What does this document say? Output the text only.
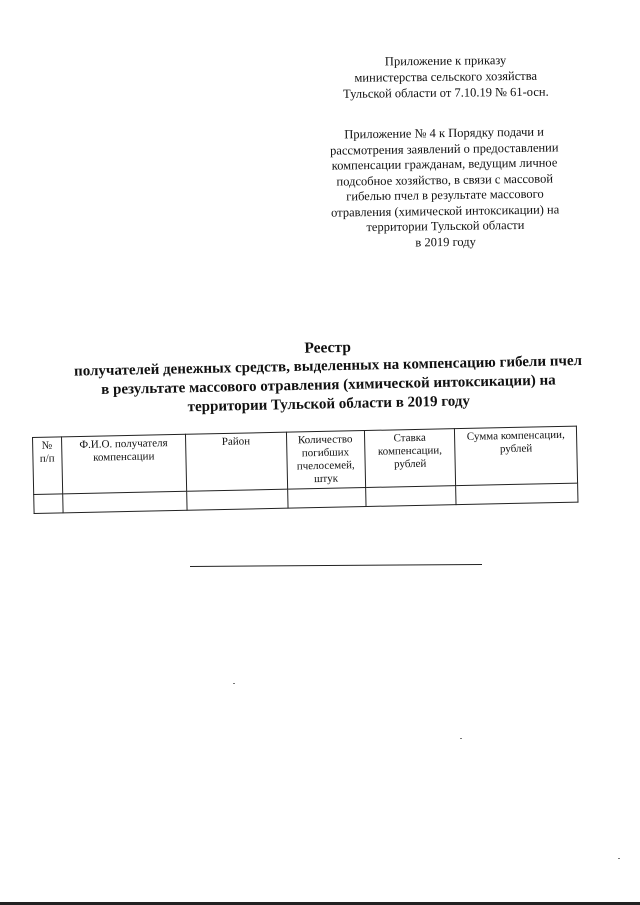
Приложение к приказу
министерства сельского хозяйства
Тульской области от 7.10.19 № 61-осн.
Приложение № 4 к Порядку подачи и
рассмотрения заявлений о предоставлении
компенсации гражданам, ведущим личное
подсобное хозяйство, в связи с массовой
гибелью пчел в результате массового
отравления (химической интоксикации) на
территории Тульской области
в 2019 году
Реестр
получателей денежных средств, выделенных на компенсацию гибели пчел
в результате массового отравления (химической интоксикации) на
территории Тульской области в 2019 году
№ п/п	Ф.И.О. получателя компенсации	Район	Количество погибших пчелосемей, штук	Ставка компенсации, рублей	Сумма компенсации, рублей
